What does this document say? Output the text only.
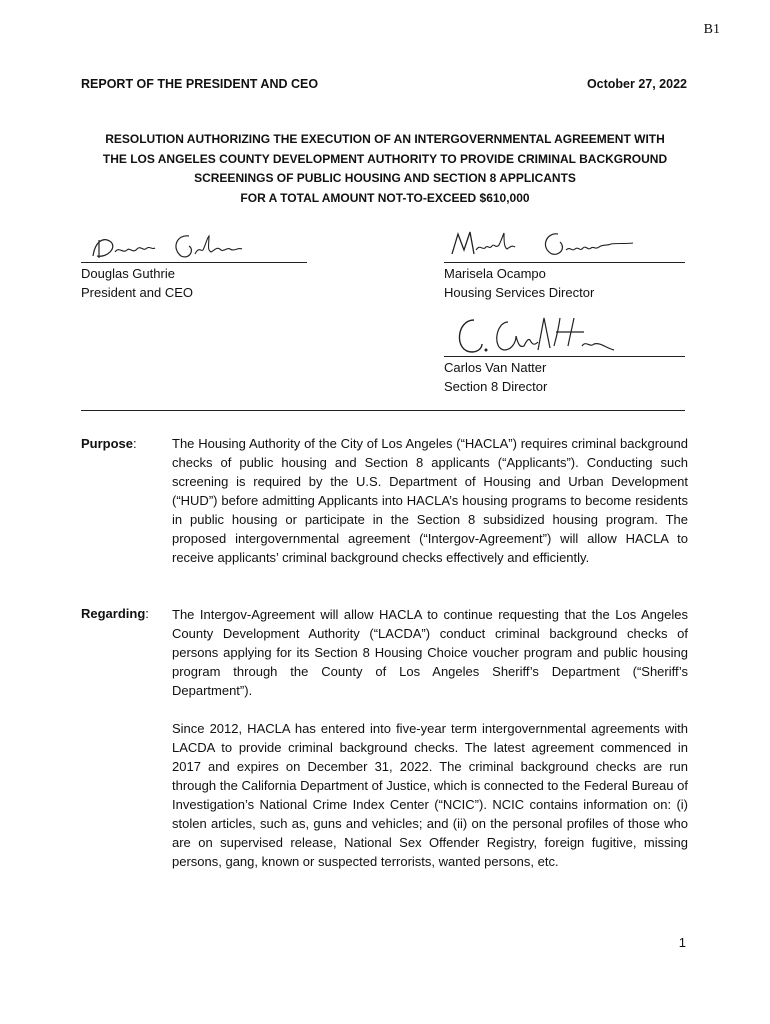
B1
REPORT OF THE PRESIDENT AND CEO	October 27, 2022
RESOLUTION AUTHORIZING THE EXECUTION OF AN INTERGOVERNMENTAL AGREEMENT WITH
THE LOS ANGELES COUNTY DEVELOPMENT AUTHORITY TO PROVIDE CRIMINAL BACKGROUND
SCREENINGS OF PUBLIC HOUSING AND SECTION 8 APPLICANTS
FOR A TOTAL AMOUNT NOT-TO-EXCEED $610,000
Douglas Guthrie
President and CEO
Marisela Ocampo
Housing Services Director
Carlos Van Natter
Section 8 Director
Purpose:	The Housing Authority of the City of Los Angeles (“HACLA”) requires criminal background checks of public housing and Section 8 applicants (“Applicants”). Conducting such screening is required by the U.S. Department of Housing and Urban Development (“HUD”) before admitting Applicants into HACLA’s housing programs to become residents in public housing or participate in the Section 8 subsidized housing program. The proposed intergovernmental agreement (“Intergov-Agreement”) will allow HACLA to receive applicants’ criminal background checks effectively and efficiently.
Regarding: The Intergov-Agreement will allow HACLA to continue requesting that the Los Angeles County Development Authority (“LACDA”) conduct criminal background checks of persons applying for its Section 8 Housing Choice voucher program and public housing program through the County of Los Angeles Sheriff’s Department (“Sheriff’s Department”).
Since 2012, HACLA has entered into five-year term intergovernmental agreements with LACDA to provide criminal background checks. The latest agreement commenced in 2017 and expires on December 31, 2022. The criminal background checks are run through the California Department of Justice, which is connected to the Federal Bureau of Investigation’s National Crime Index Center (“NCIC”). NCIC contains information on: (i) stolen articles, such as, guns and vehicles; and (ii) on the personal profiles of those who are on supervised release, National Sex Offender Registry, foreign fugitive, missing persons, gang, known or suspected terrorists, wanted persons, etc.
1
